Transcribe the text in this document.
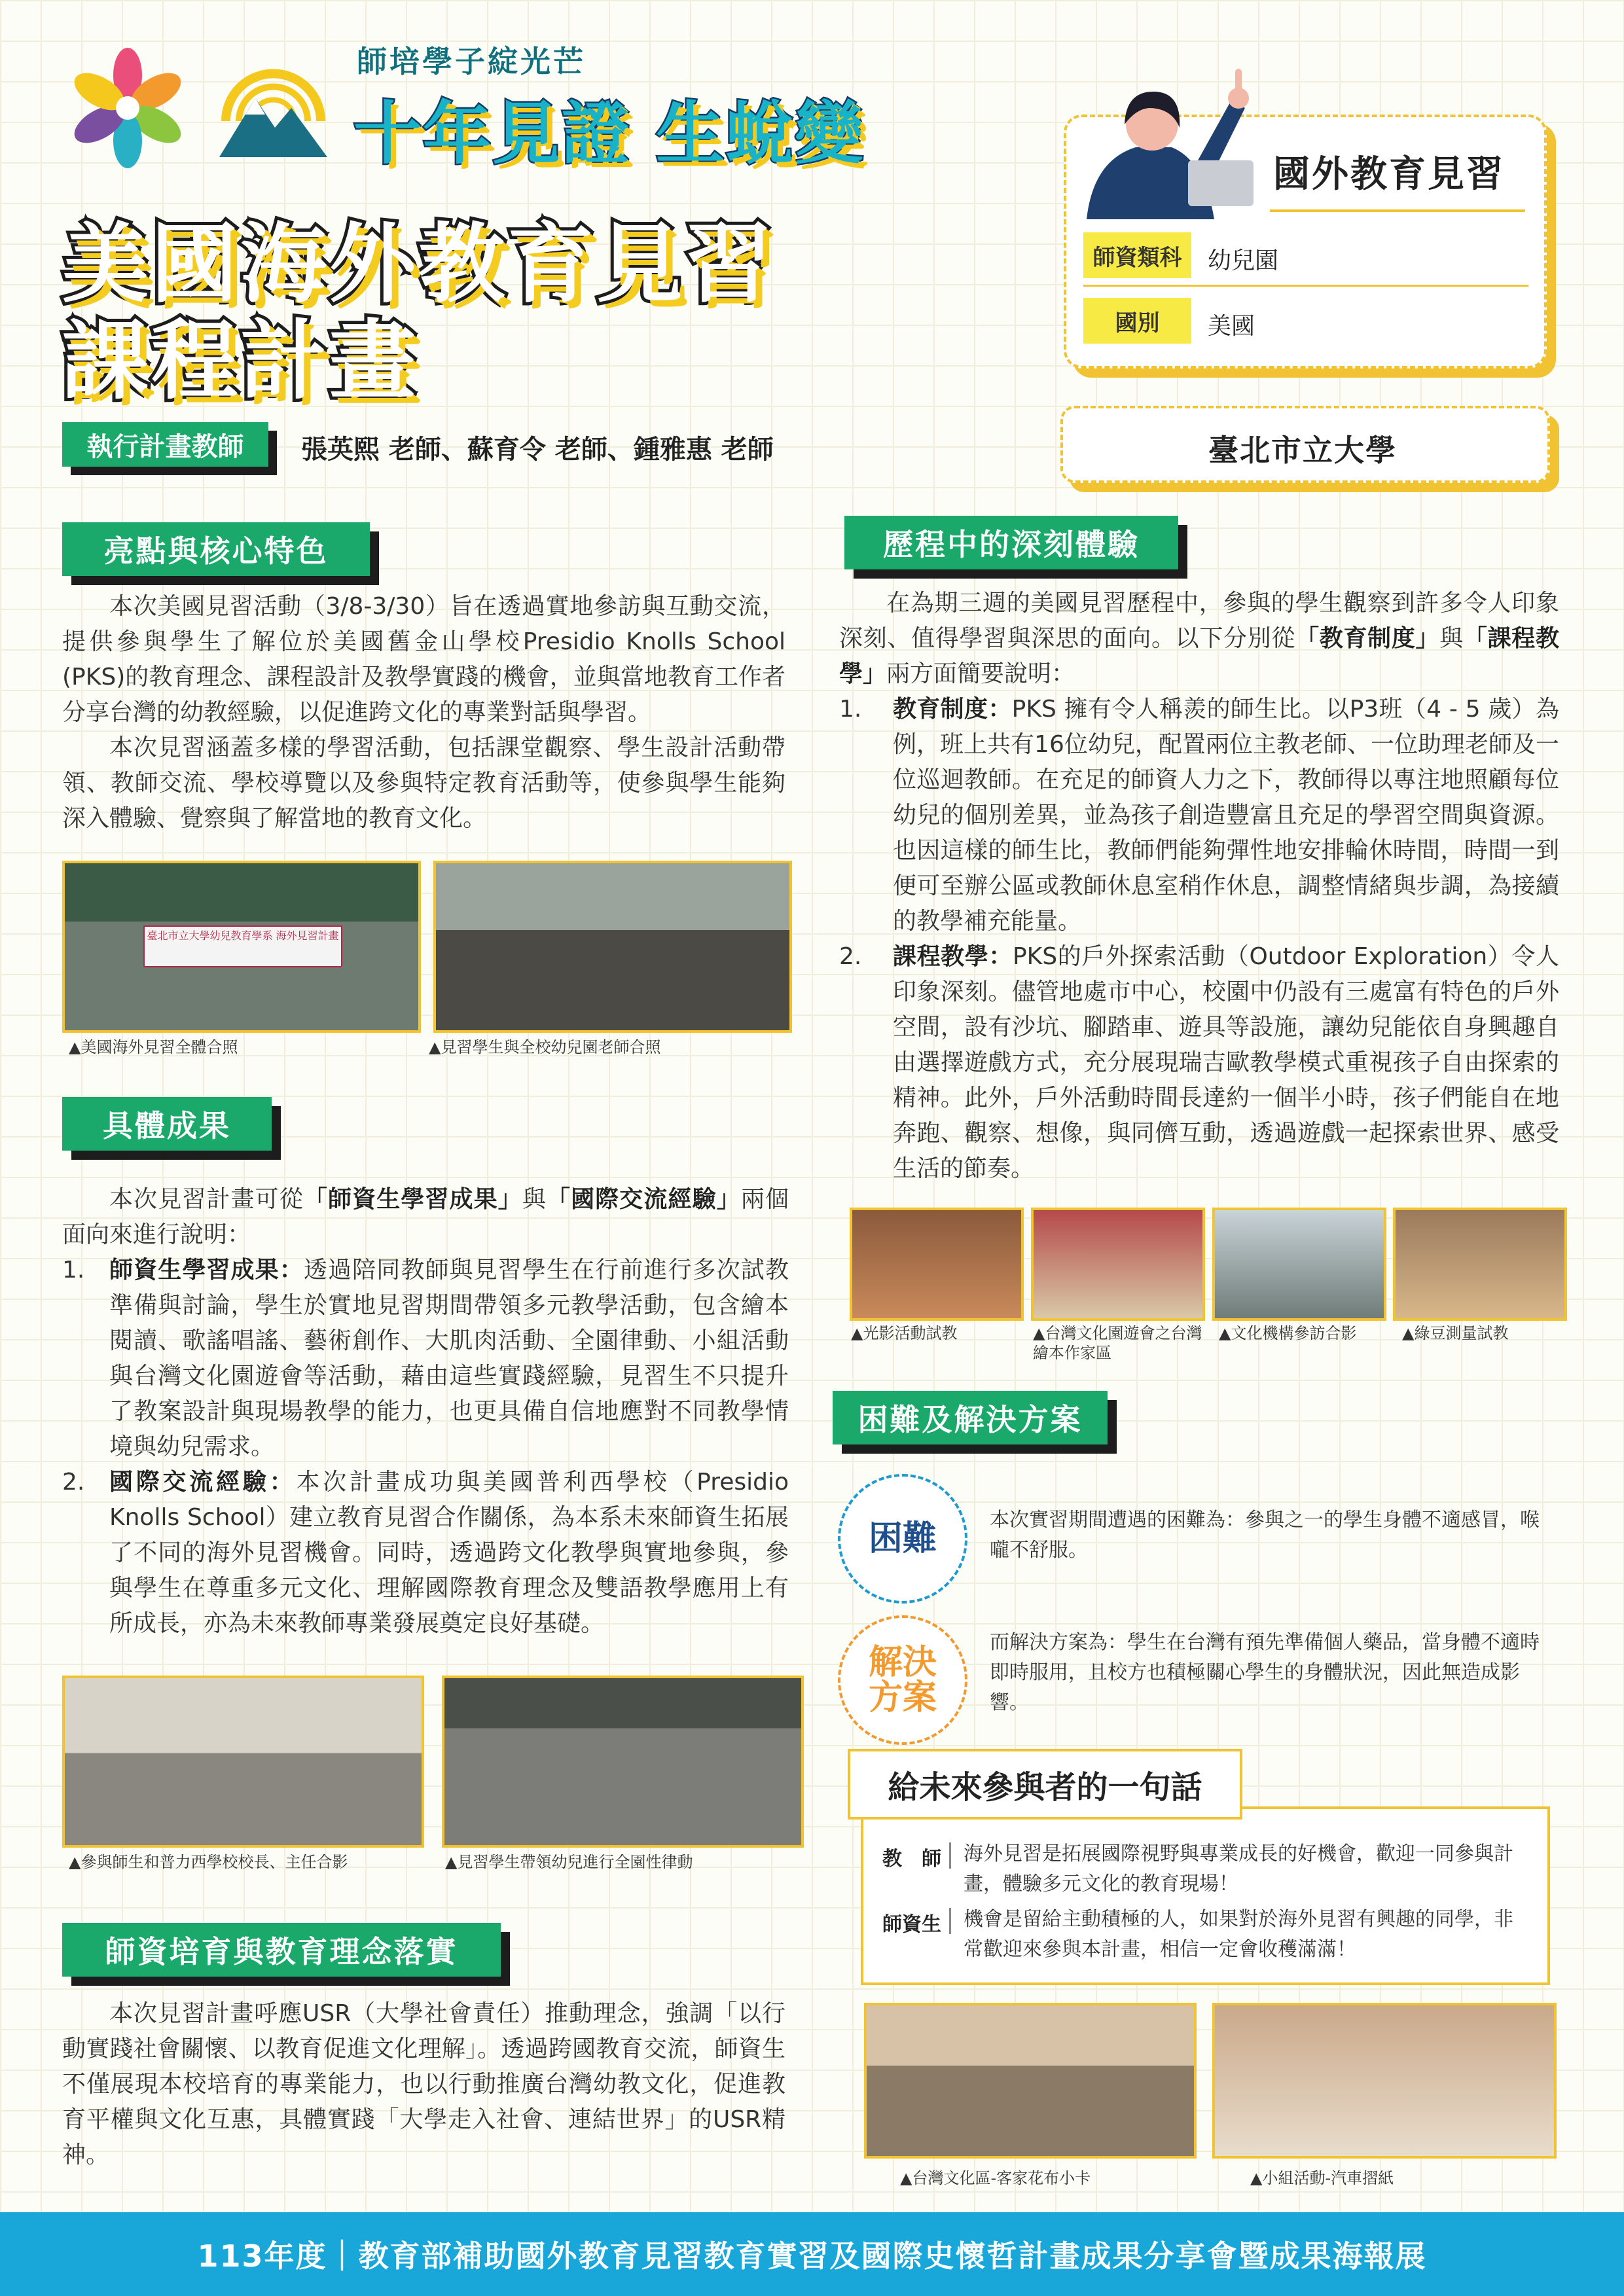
師培學子綻光芒
十年見證 生蛻變
美國海外教育見習
課程計畫
國外教育見習
師資類科	幼兒園
國別	美國
臺北市立大學
執行計畫教師	張英熙 老師、蘇育令 老師、鍾雅惠 老師
亮點與核心特色

本次美國見習活動（3/8-3/30）旨在透過實地參訪與互動交流，提供參與學生了解位於美國舊金山學校Presidio Knolls School (PKS)的教育理念、課程設計及教學實踐的機會，並與當地教育工作者分享台灣的幼教經驗，以促進跨文化的專業對話與學習。

本次見習涵蓋多樣的學習活動，包括課堂觀察、學生設計活動帶領、教師交流、學校導覽以及參與特定教育活動等，使參與學生能夠深入體驗、覺察與了解當地的教育文化。

臺北市立大學幼兒教育學系 海外見習計畫
▲美國海外見習全體合照	▲見習學生與全校幼兒園老師合照
具體成果

本次見習計畫可從「師資生學習成果」與「國際交流經驗」兩個面向來進行說明：

1. 師資生學習成果：透過陪同教師與見習學生在行前進行多次試教準備與討論，學生於實地見習期間帶領多元教學活動，包含繪本閱讀、歌謠唱謠、藝術創作、大肌肉活動、全園律動、小組活動與台灣文化園遊會等活動，藉由這些實踐經驗，見習生不只提升了教案設計與現場教學的能力，也更具備自信地應對不同教學情境與幼兒需求。
2. 國際交流經驗：本次計畫成功與美國普利西學校（Presidio Knolls School）建立教育見習合作關係，為本系未來師資生拓展了不同的海外見習機會。同時，透過跨文化教學與實地參與，參與學生在尊重多元文化、理解國際教育理念及雙語教學應用上有所成長，亦為未來教師專業發展奠定良好基礎。
▲參與師生和普力西學校校長、主任合影	▲見習學生帶領幼兒進行全園性律動
師資培育與教育理念落實

本次見習計畫呼應USR（大學社會責任）推動理念，強調「以行動實踐社會關懷、以教育促進文化理解」。透過跨國教育交流，師資生不僅展現本校培育的專業能力，也以行動推廣台灣幼教文化，促進教育平權與文化互惠，具體實踐「大學走入社會、連結世界」的USR精神。

歷程中的深刻體驗

在為期三週的美國見習歷程中，參與的學生觀察到許多令人印象深刻、值得學習與深思的面向。以下分別從「教育制度」與「課程教學」兩方面簡要說明：

1. 教育制度：PKS 擁有令人稱羨的師生比。以P3班（4 - 5 歲）為例，班上共有16位幼兒，配置兩位主教老師、一位助理老師及一位巡迴教師。在充足的師資人力之下，教師得以專注地照顧每位幼兒的個別差異，並為孩子創造豐富且充足的學習空間與資源。也因這樣的師生比，教師們能夠彈性地安排輪休時間，時間一到便可至辦公區或教師休息室稍作休息，調整情緒與步調，為接續的教學補充能量。
2. 課程教學：PKS的戶外探索活動（Outdoor Exploration）令人印象深刻。儘管地處市中心，校園中仍設有三處富有特色的戶外空間，設有沙坑、腳踏車、遊具等設施，讓幼兒能依自身興趣自由選擇遊戲方式，充分展現瑞吉歐教學模式重視孩子自由探索的精神。此外，戶外活動時間長達約一個半小時，孩子們能自在地奔跑、觀察、想像，與同儕互動，透過遊戲一起探索世界、感受生活的節奏。
▲光影活動試教	▲台灣文化園遊會之台灣繪本作家區
▲文化機構參訪合影	▲綠豆測量試教
困難及解決方案
困難	本次實習期間遭遇的困難為：參與之一的學生身體不適感冒，喉嚨不舒服。
解決
方案
而解決方案為：學生在台灣有預先準備個人藥品，當身體不適時即時服用，且校方也積極關心學生的身體狀況，因此無造成影響。
給未來參與者的一句話
教　師 海外見習是拓展國際視野與專業成長的好機會，歡迎一同參與計畫，體驗多元文化的教育現場！
師資生 機會是留給主動積極的人，如果對於海外見習有興趣的同學，非常歡迎來參與本計畫，相信一定會收穫滿滿！
▲台灣文化區-客家花布小卡	▲小組活動-汽車摺紙
113年度｜教育部補助國外教育見習教育實習及國際史懷哲計畫成果分享會暨成果海報展
